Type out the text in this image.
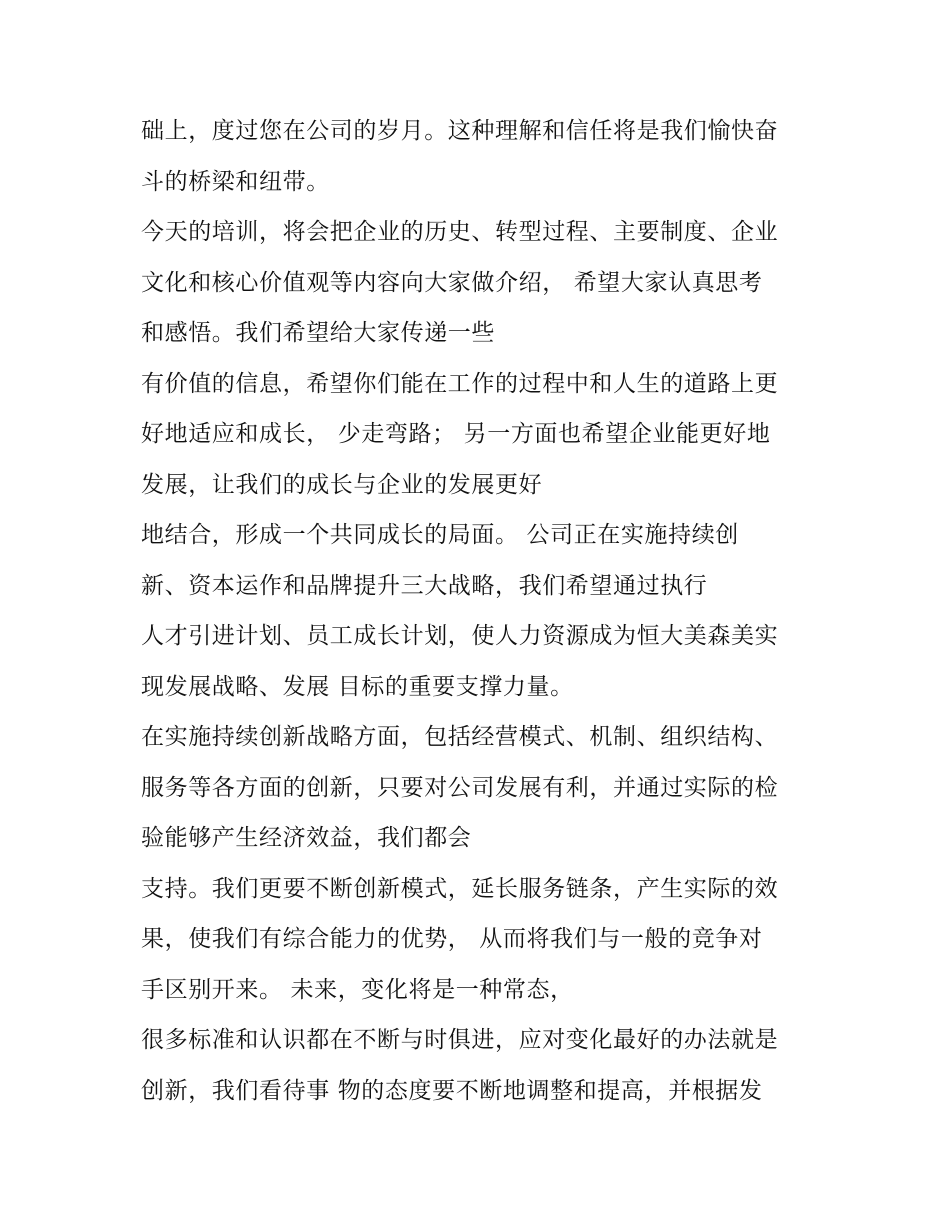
础上，度过您在公司的岁月。这种理解和信任将是我们愉快奋
斗的桥梁和纽带。
今天的培训，将会把企业的历史、转型过程、主要制度、企业
文化和核心价值观等内容向大家做介绍， 希望大家认真思考
和感悟。我们希望给大家传递一些
有价值的信息，希望你们能在工作的过程中和人生的道路上更
好地适应和成长， 少走弯路； 另一方面也希望企业能更好地
发展，让我们的成长与企业的发展更好
地结合，形成一个共同成长的局面。 公司正在实施持续创
新、资本运作和品牌提升三大战略，我们希望通过执行
人才引进计划、员工成长计划，使人力资源成为恒大美森美实
现发展战略、发展 目标的重要支撑力量。
在实施持续创新战略方面，包括经营模式、机制、组织结构、
服务等各方面的创新，只要对公司发展有利，并通过实际的检
验能够产生经济效益，我们都会
支持。我们更要不断创新模式，延长服务链条，产生实际的效
果，使我们有综合能力的优势， 从而将我们与一般的竞争对
手区别开来。 未来，变化将是一种常态，
很多标准和认识都在不断与时俱进，应对变化最好的办法就是
创新，我们看待事 物的态度要不断地调整和提高，并根据发
